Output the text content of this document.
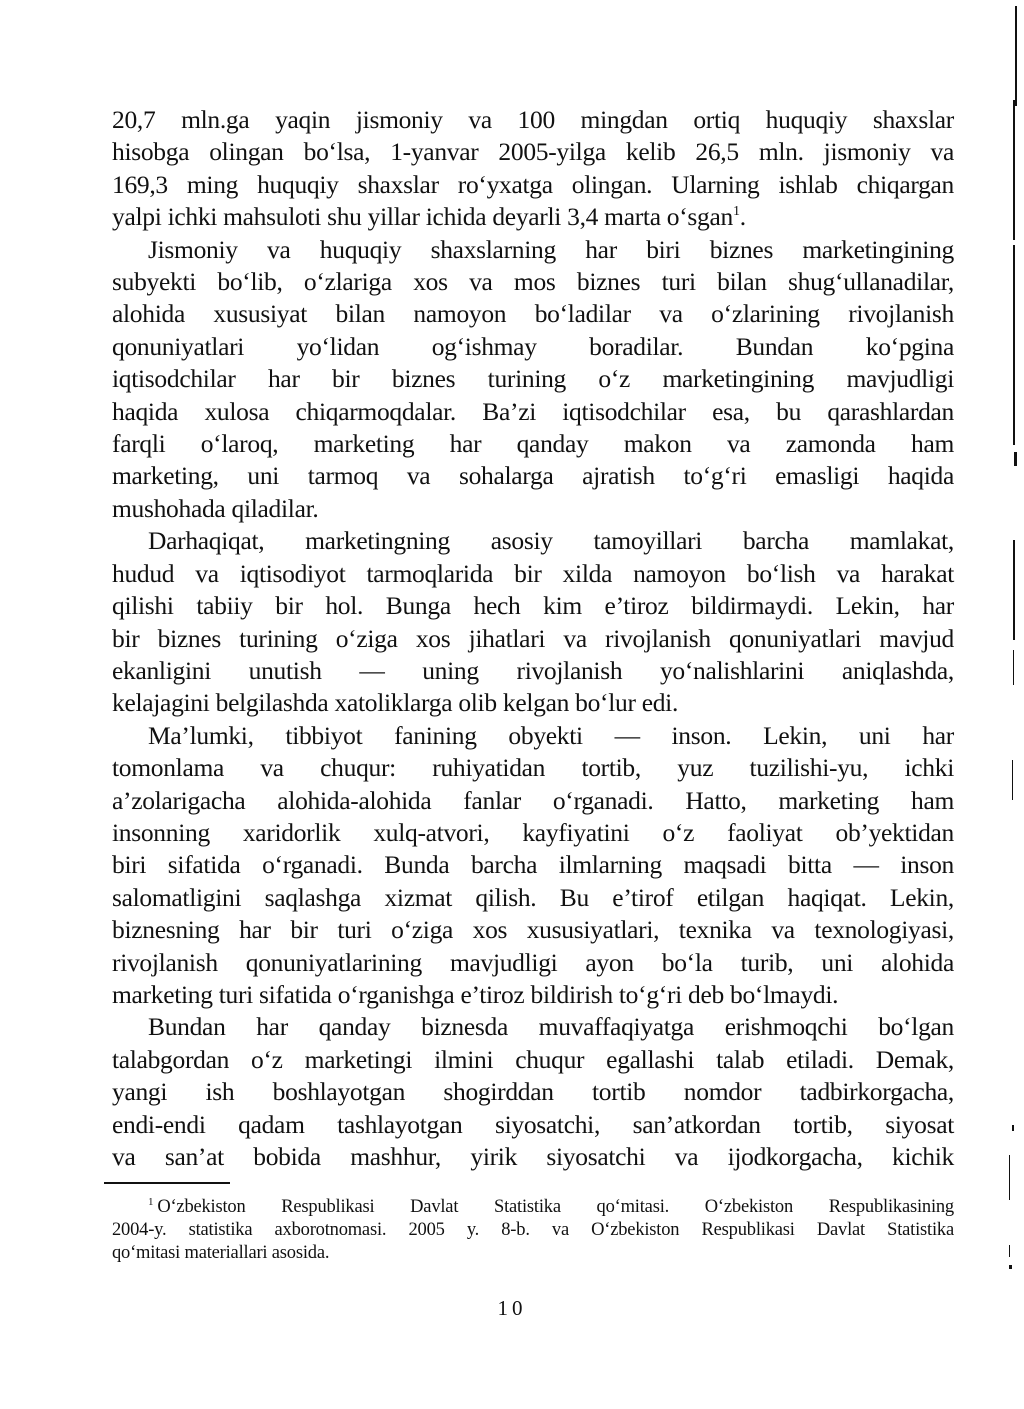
20,7 mln.ga yaqin jismoniy va 100 mingdan ortiq huquqiy shaxslar
hisobga olingan bo‘lsa, 1-yanvar 2005-yilga kelib 26,5 mln. jismoniy va
169,3 ming huquqiy shaxslar ro‘yxatga olingan. Ularning ishlab chiqargan
yalpi ichki mahsuloti shu yillar ichida deyarli 3,4 marta o‘sgan$^1$.

Jismoniy va huquqiy shaxslarning har biri biznes marketingining
subyekti bo‘lib, o‘zlariga xos va mos biznes turi bilan shug‘ullanadilar,
alohida xususiyat bilan namoyon bo‘ladilar va o‘zlarining rivojlanish
qonuniyatlari yo‘lidan og‘ishmay boradilar. Bundan ko‘pgina
iqtisodchilar har bir biznes turining o‘z marketingining mavjudligi
haqida xulosa chiqarmoqdalar. Ba’zi iqtisodchilar esa, bu qarashlardan
farqli o‘laroq, marketing har qanday makon va zamonda ham
marketing, uni tarmoq va sohalarga ajratish to‘g‘ri emasligi haqida
mushohada qiladilar.

Darhaqiqat, marketingning asosiy tamoyillari barcha mamlakat,
hudud va iqtisodiyot tarmoqlarida bir xilda namoyon bo‘lish va harakat
qilishi tabiiy bir hol. Bunga hech kim e’tiroz bildirmaydi. Lekin, har
bir biznes turining o‘ziga xos jihatlari va rivojlanish qonuniyatlari mavjud
ekanligini unutish — uning rivojlanish yo‘nalishlarini aniqlashda,
kelajagini belgilashda xatoliklarga olib kelgan bo‘lur edi.

Ma’lumki, tibbiyot fanining obyekti — inson. Lekin, uni har
tomonlama va chuqur: ruhiyatidan tortib, yuz tuzilishi-yu, ichki
a’zolarigacha alohida-alohida fanlar o‘rganadi. Hatto, marketing ham
insonning xaridorlik xulq-atvori, kayfiyatini o‘z faoliyat ob’yektidan
biri sifatida o‘rganadi. Bunda barcha ilmlarning maqsadi bitta — inson
salomatligini saqlashga xizmat qilish. Bu e’tirof etilgan haqiqat. Lekin,
biznesning har bir turi o‘ziga xos xususiyatlari, texnika va texnologiyasi,
rivojlanish qonuniyatlarining mavjudligi ayon bo‘la turib, uni alohida
marketing turi sifatida o‘rganishga e’tiroz bildirish to‘g‘ri deb bo‘lmaydi.

Bundan har qanday biznesda muvaffaqiyatga erishmoqchi bo‘lgan
talabgordan o‘z marketingi ilmini chuqur egallashi talab etiladi. Demak,
yangi ish boshlayotgan shogirddan tortib nomdor tadbirkorgacha,
endi-endi qadam tashlayotgan siyosatchi, san’atkordan tortib, siyosat
va san’at bobida mashhur, yirik siyosatchi va ijodkorgacha, kichik

$^1$ O‘zbekiston Respublikasi Davlat Statistika qo‘mitasi. O‘zbekiston Respublikasining
2004-y. statistika axborotnomasi. 2005 y. 8-b. va O‘zbekiston Respublikasi Davlat Statistika
qo‘mitasi materiallari asosida.
10
